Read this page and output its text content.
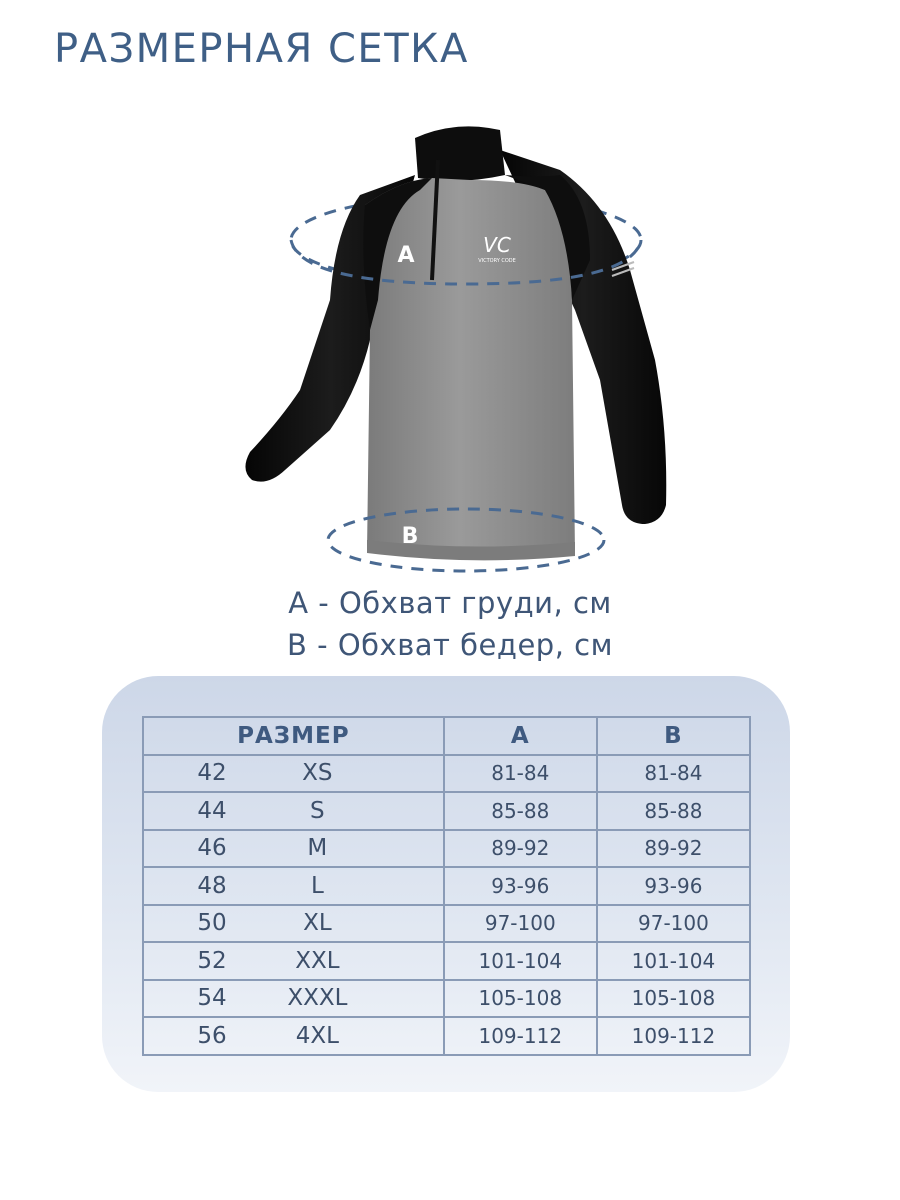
РАЗМЕРНАЯ СЕТКА
VC
VICTORY CODE
A
B
A - Обхват груди, см
B - Обхват бедер, см
РАЗМЕР	A	B
42 XS	81-84	81-84
44 S	85-88	85-88
46 M	89-92	89-92
48 L	93-96	93-96
50 XL	97-100	97-100
52 XXL	101-104	101-104
54 XXXL	105-108	105-108
56 4XL	109-112	109-112
